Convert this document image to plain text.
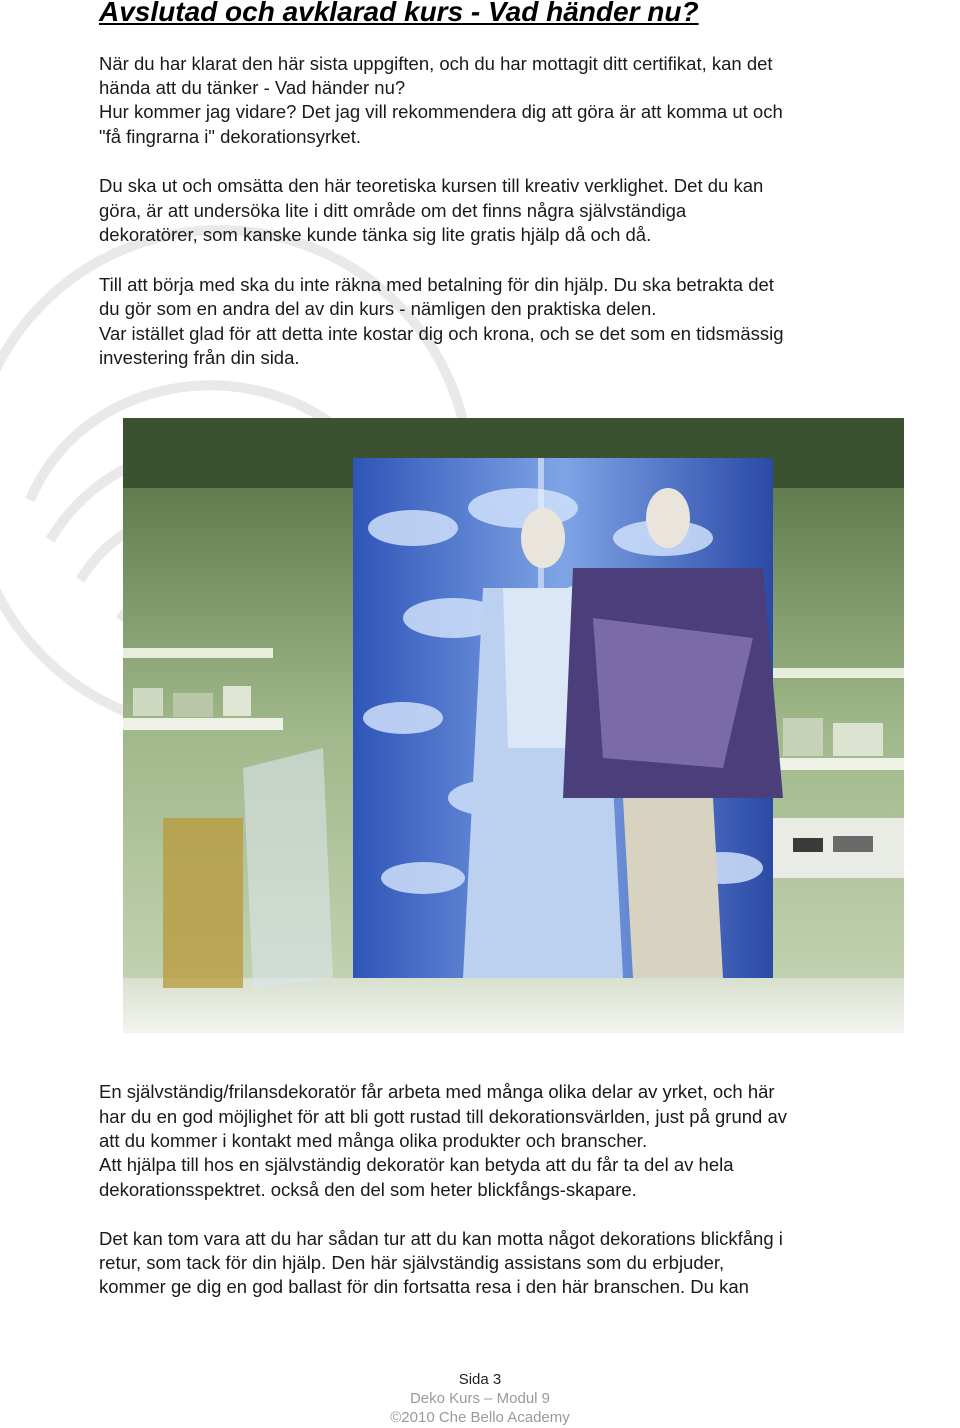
Avslutad och avklarad kurs - Vad händer nu?

När du har klarat den här sista uppgiften, och du har mottagit ditt certifikat, kan det

hända att du tänker - Vad händer nu?

Hur kommer jag vidare? Det jag vill rekommendera dig att göra är att komma ut och

"få fingrarna i" dekorationsyrket.

Du ska ut och omsätta den här teoretiska kursen till kreativ verklighet. Det du kan

göra, är att undersöka lite i ditt område om det finns några självständiga

dekoratörer, som kanske kunde tänka sig lite gratis hjälp då och då.

Till att börja med ska du inte räkna med betalning för din hjälp. Du ska betrakta det

du gör som en andra del av din kurs - nämligen den praktiska delen.

Var istället glad för att detta inte kostar dig och krona, och se det som en tidsmässig

investering från din sida.

En självständig/frilansdekoratör får arbeta med många olika delar av yrket, och här

har du en god möjlighet för att bli gott rustad till dekorationsvärlden, just på grund av

att du kommer i kontakt med många olika produkter och branscher.

Att hjälpa till hos en självständig dekoratör kan betyda att du får ta del av hela

dekorationsspektret. också den del som heter blickfångs-skapare.

Det kan tom vara att du har sådan tur att du kan motta något dekorations blickfång i

retur, som tack för din hjälp. Den här självständig assistans som du erbjuder,

kommer ge dig en god ballast för din fortsatta resa i den här branschen. Du kan

Sida 3

Deko Kurs – Modul 9

©2010 Che Bello Academy
